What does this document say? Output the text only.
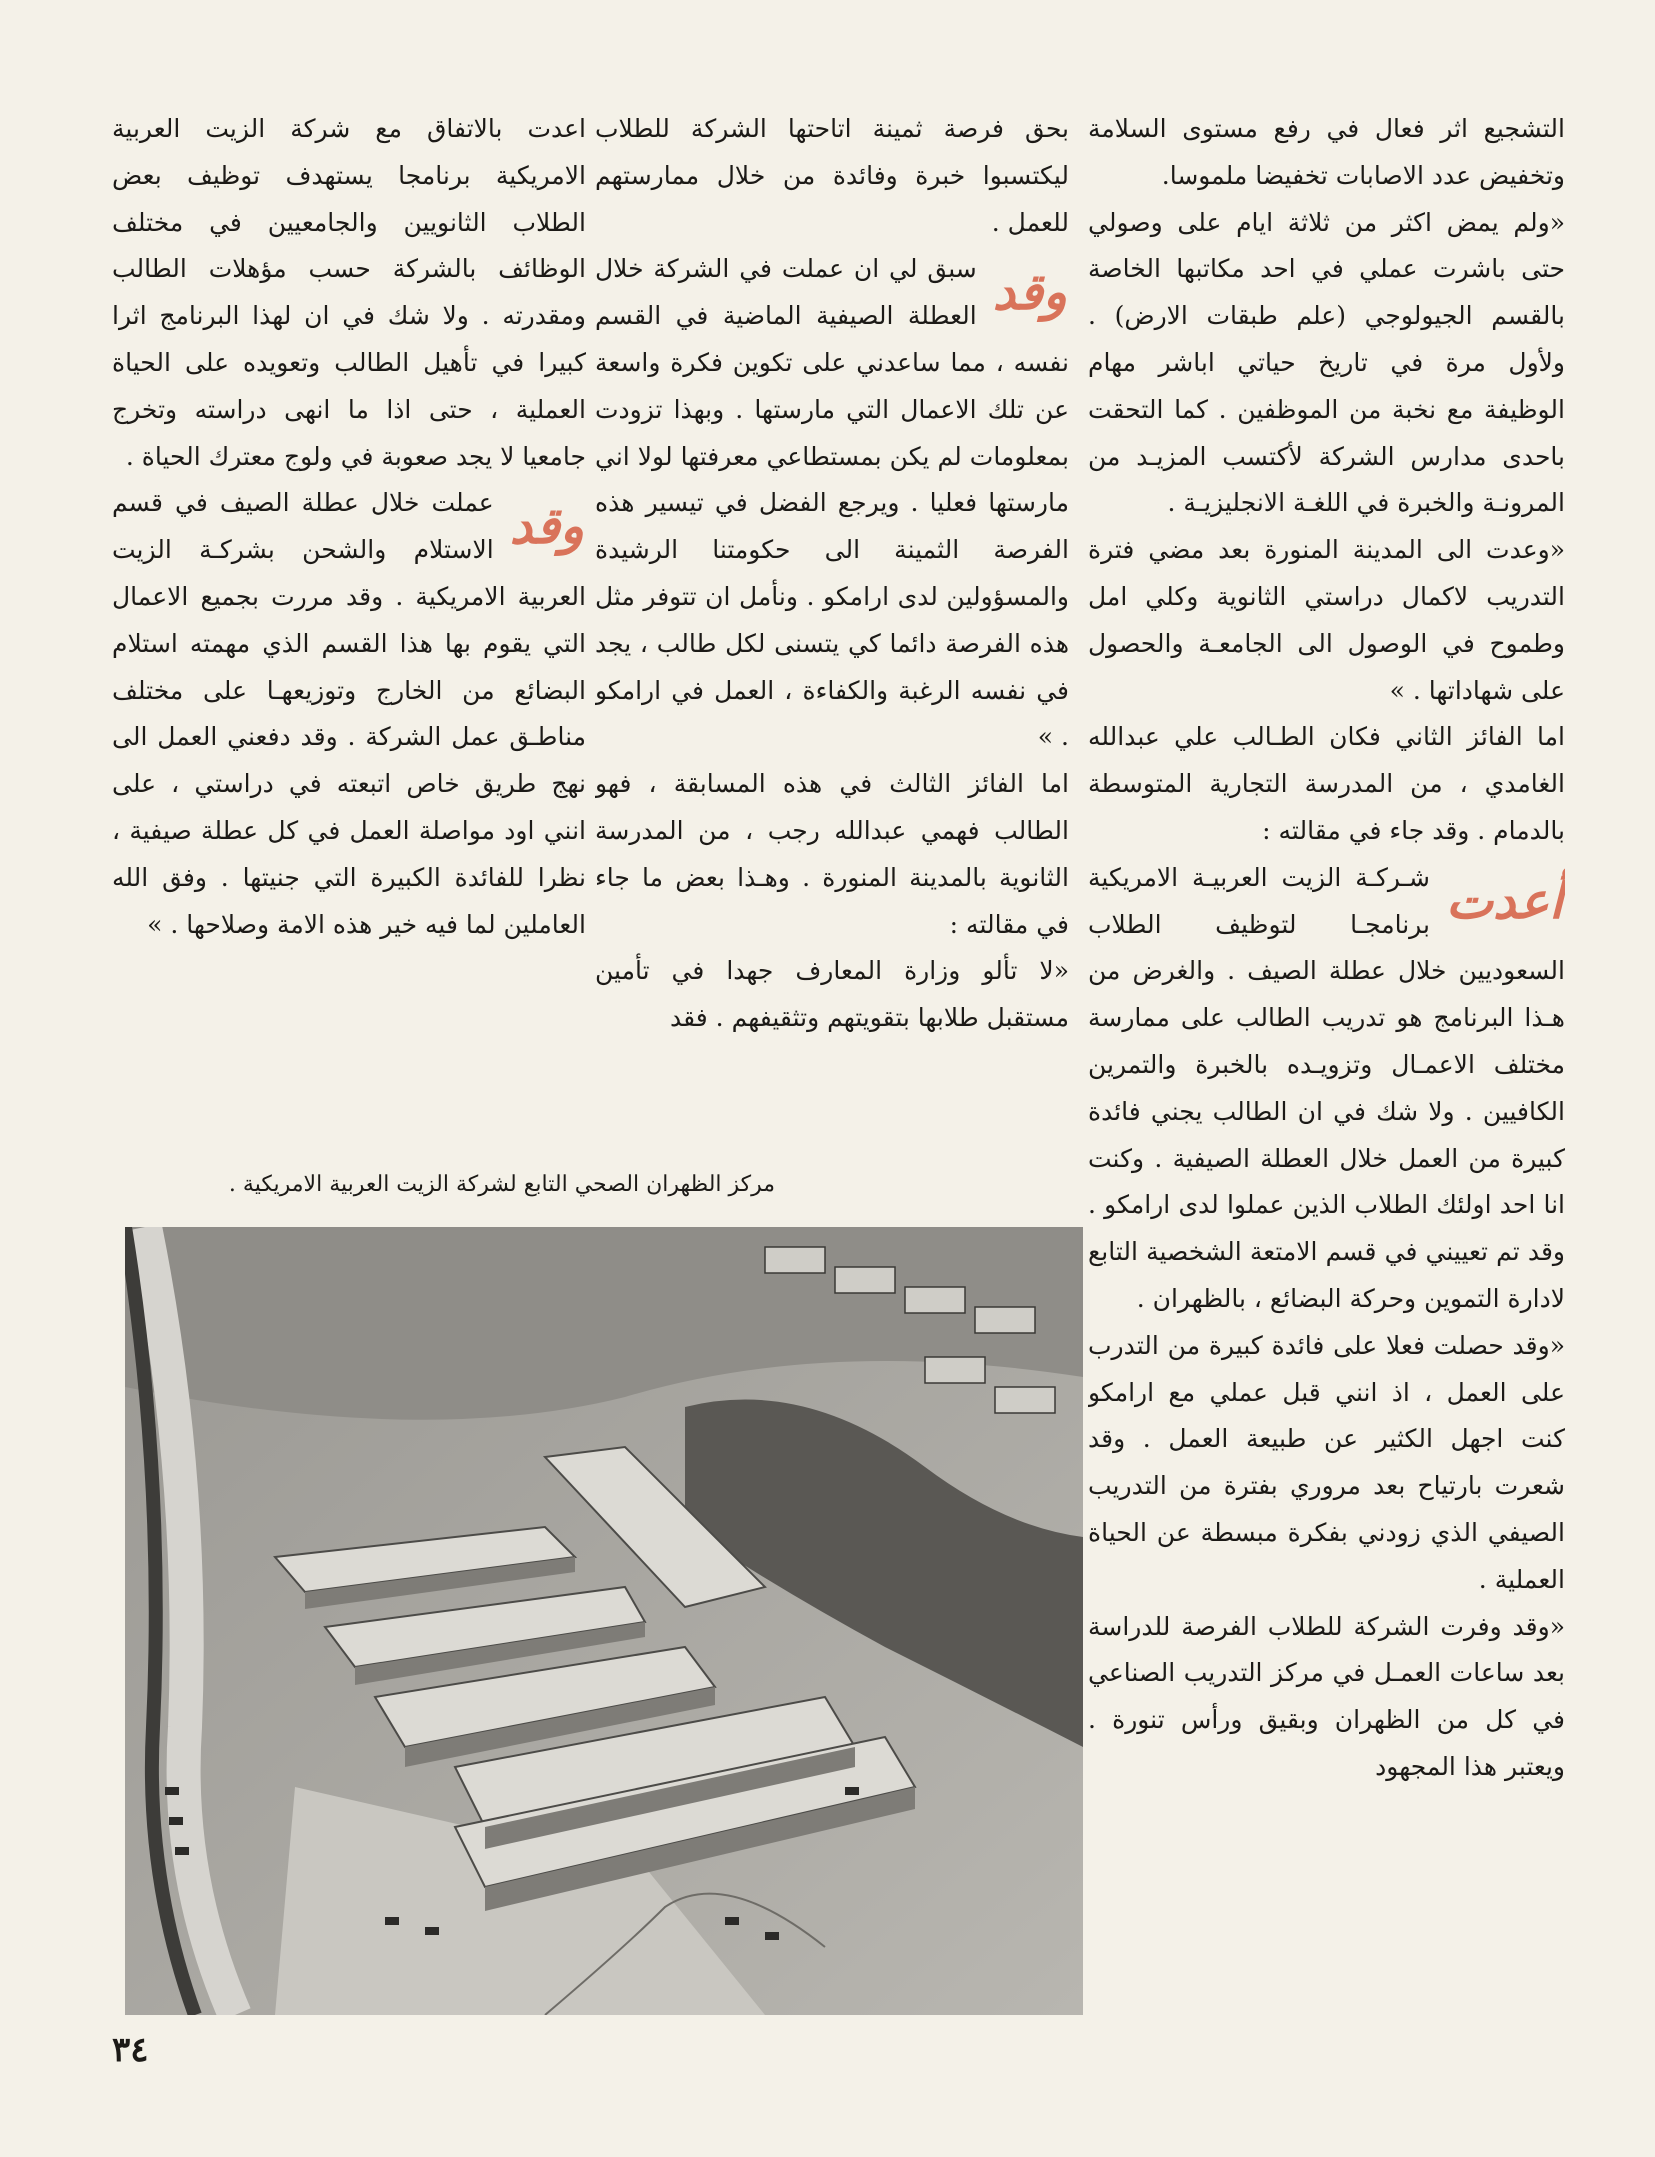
التشجيع اثر فعال في رفع مستوى السلامة وتخفيض عدد الاصابات تخفيضا ملموسا.

«ولم يمض اكثر من ثلاثة ايام على وصولي حتى باشرت عملي في احد مكاتبها الخاصة بالقسم الجيولوجي (علم طبقات الارض) . ولأول مرة في تاريخ حياتي اباشر مهام الوظيفة مع نخبة من الموظفين . كما التحقت باحدى مدارس الشركة لأكتسب المزيـد من المرونـة والخبرة في اللغـة الانجليزيـة .

«وعدت الى المدينة المنورة بعد مضي فترة التدريب لاكمال دراستي الثانوية وكلي امل وطموح في الوصول الى الجامعـة والحصول على شهاداتها . »

اما الفائز الثاني فكان الطـالب علي عبدالله الغامدي ، من المدرسة التجارية المتوسطة بالدمام . وقد جاء في مقالته :

أعدت
شـركـة الزيت العربيـة الامريكية برنامجـا لتوظيف الطلاب السعوديين خلال عطلة الصيف . والغرض من هـذا البرنامج هو تدريب الطالب على ممارسة مختلف الاعمـال وتزويـده بالخبرة والتمرين الكافيين . ولا شك في ان الطالب يجني فائدة كبيرة من العمل خلال العطلة الصيفية . وكنت انا احد اولئك الطلاب الذين عملوا لدى ارامكو . وقد تم تعييني في قسم الامتعة الشخصية التابع لادارة التموين وحركة البضائع ، بالظهران .

«وقد حصلت فعلا على فائدة كبيرة من التدرب على العمل ، اذ انني قبل عملي مع ارامكو كنت اجهل الكثير عن طبيعة العمل . وقد شعرت بارتياح بعد مروري بفترة من التدريب الصيفي الذي زودني بفكرة مبسطة عن الحياة العملية .

«وقد وفرت الشركة للطلاب الفرصة للدراسة بعد ساعات العمـل في مركز التدريب الصناعي في كل من الظهران وبقيق ورأس تنورة . ويعتبر هذا المجهود

بحق فرصة ثمينة اتاحتها الشركة للطلاب ليكتسبوا خبرة وفائدة من خلال ممارستهم للعمل .

وقد
سبق لي ان عملت في الشركة خلال العطلة الصيفية الماضية في القسم نفسه ، مما ساعدني على تكوين فكرة واسعة عن تلك الاعمال التي مارستها . وبهذا تزودت بمعلومات لم يكن بمستطاعي معرفتها لولا اني مارستها فعليا . ويرجع الفضل في تيسير هذه الفرصة الثمينة الى حكومتنا الرشيدة والمسؤولين لدى ارامكو . ونأمل ان تتوفر مثل هذه الفرصة دائما كي يتسنى لكل طالب ، يجد في نفسه الرغبة والكفاءة ، العمل في ارامكو . »

اما الفائز الثالث في هذه المسابقة ، فهو الطالب فهمي عبدالله رجب ، من المدرسة الثانوية بالمدينة المنورة . وهـذا بعض ما جاء في مقالته :

«لا تألو وزارة المعارف جهدا في تأمين مستقبل طلابها بتقويتهم وتثقيفهم . فقد

اعدت بالاتفاق مع شركة الزيت العربية الامريكية برنامجا يستهدف توظيف بعض الطلاب الثانويين والجامعيين في مختلف الوظائف بالشركة حسب مؤهلات الطالب ومقدرته . ولا شك في ان لهذا البرنامج اثرا كبيرا في تأهيل الطالب وتعويده على الحياة العملية ، حتى اذا ما انهى دراسته وتخرج جامعيا لا يجد صعوبة في ولوج معترك الحياة .

وقد
عملت خلال عطلة الصيف في قسم الاستلام والشحن بشركـة الزيت العربية الامريكية . وقد مررت بجميع الاعمال التي يقوم بها هذا القسم الذي مهمته استلام البضائع من الخارج وتوزيعهـا على مختلف مناطـق عمل الشركة . وقد دفعني العمل الى نهج طريق خاص اتبعته في دراستي ، على انني اود مواصلة العمل في كل عطلة صيفية ، نظرا للفائدة الكبيرة التي جنيتها . وفق الله العاملين لما فيه خير هذه الامة وصلاحها . »

مركز الظهران الصحي التابع لشركة الزيت العربية الامريكية .
٣٤
